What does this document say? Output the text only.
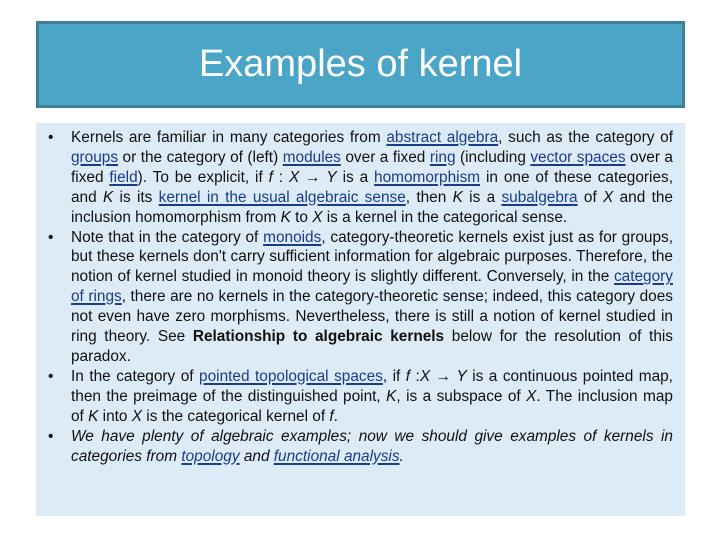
Examples of kernel
• Kernels are familiar in many categories from abstract algebra, such as the category of groups or the category of (left) modules over a fixed ring (including vector spaces over a fixed field). To be explicit, if f : X → Y is a homomorphism in one of these categories, and K is its kernel in the usual algebraic sense, then K is a subalgebra of X and the inclusion homomorphism from K to X is a kernel in the categorical sense.
• Note that in the category of monoids, category-theoretic kernels exist just as for groups, but these kernels don't carry sufficient information for algebraic purposes. Therefore, the notion of kernel studied in monoid theory is slightly different. Conversely, in the category of rings, there are no kernels in the category-theoretic sense; indeed, this category does not even have zero morphisms. Nevertheless, there is still a notion of kernel studied in ring theory. See Relationship to algebraic kernels below for the resolution of this paradox.
• In the category of pointed topological spaces, if f :X → Y is a continuous pointed map, then the preimage of the distinguished point, K, is a subspace of X. The inclusion map of K into X is the categorical kernel of f.
• We have plenty of algebraic examples; now we should give examples of kernels in categories from topology and functional analysis.
